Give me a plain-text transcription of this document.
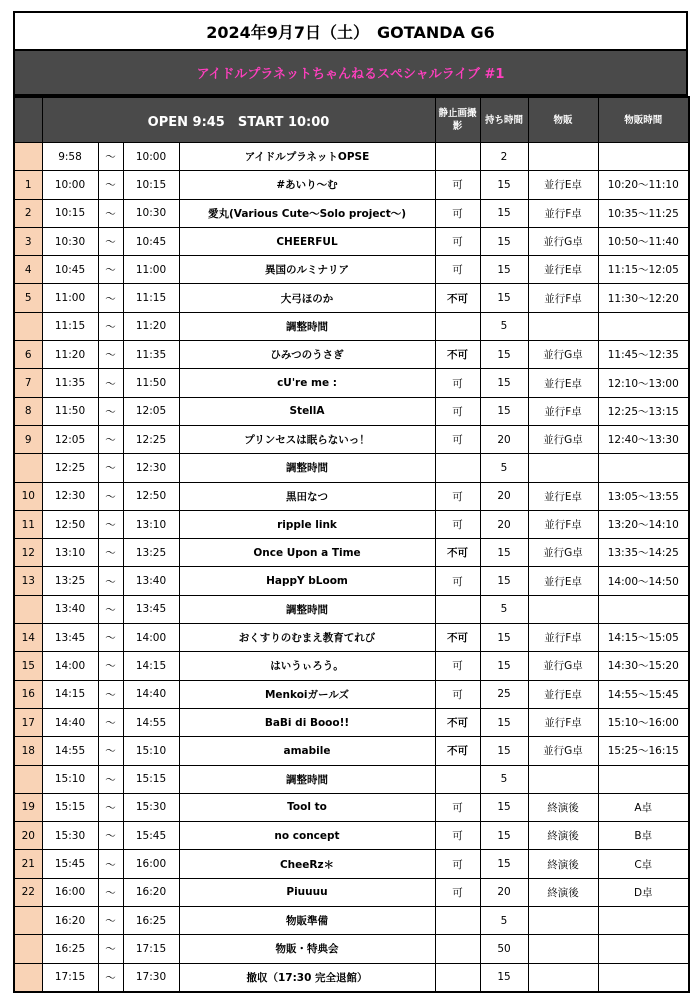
2024年9月7日（土）　GOTANDA G6
アイドルプラネットちゃんねるスペシャルライブ #1
	OPEN 9:45　START 10:00				静止画撮影	持ち時間	物販	物販時間
	9:58	～	10:00	アイドルプラネットOPSE		2		
1	10:00	～	10:15	#あいり～む	可	15	並行E卓	10:20～11:10
2	10:15	～	10:30	愛丸(Various Cute～Solo project～)	可	15	並行F卓	10:35～11:25
3	10:30	～	10:45	CHEERFUL	可	15	並行G卓	10:50～11:40
4	10:45	～	11:00	異国のルミナリア	可	15	並行E卓	11:15～12:05
5	11:00	～	11:15	大弓ほのか	不可	15	並行F卓	11:30～12:20
	11:15	～	11:20	調整時間		5		
6	11:20	～	11:35	ひみつのうさぎ	不可	15	並行G卓	11:45～12:35
7	11:35	～	11:50	cU're me :	可	15	並行E卓	12:10～13:00
8	11:50	～	12:05	StellA	可	15	並行F卓	12:25～13:15
9	12:05	～	12:25	プリンセスは眠らないっ！	可	20	並行G卓	12:40～13:30
	12:25	～	12:30	調整時間		5		
10	12:30	～	12:50	黒田なつ	可	20	並行E卓	13:05～13:55
11	12:50	～	13:10	ripple link	可	20	並行F卓	13:20～14:10
12	13:10	～	13:25	Once Upon a Time	不可	15	並行G卓	13:35～14:25
13	13:25	～	13:40	HappY bLoom	可	15	並行E卓	14:00～14:50
	13:40	～	13:45	調整時間		5		
14	13:45	～	14:00	おくすりのむまえ教育てれび	不可	15	並行F卓	14:15～15:05
15	14:00	～	14:15	はいうぃろう。	可	15	並行G卓	14:30～15:20
16	14:15	～	14:40	Menkoiガールズ	可	25	並行E卓	14:55～15:45
17	14:40	～	14:55	BaBi di Booo!!	不可	15	並行F卓	15:10～16:00
18	14:55	～	15:10	amabile	不可	15	並行G卓	15:25～16:15
	15:10	～	15:15	調整時間		5		
19	15:15	～	15:30	Tool to	可	15	終演後	A卓
20	15:30	～	15:45	no concept	可	15	終演後	B卓
21	15:45	～	16:00	CheeRz＊	可	15	終演後	C卓
22	16:00	～	16:20	Piuuuu	可	20	終演後	D卓
	16:20	～	16:25	物販準備		5		
	16:25	～	17:15	物販・特典会		50		
	17:15	～	17:30	撤収（17:30 完全退館）		15		
